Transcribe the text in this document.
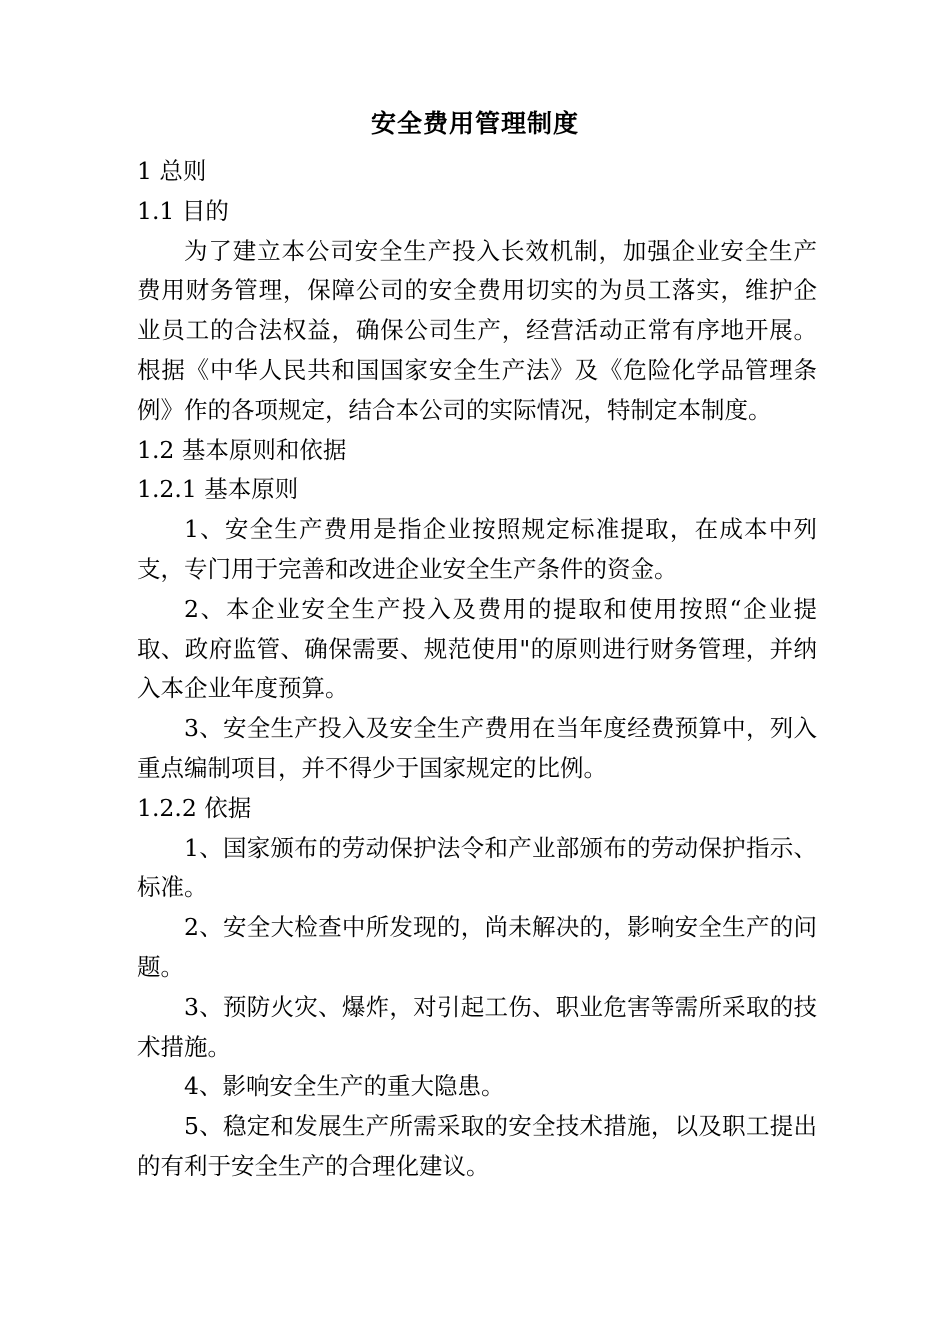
安全费用管理制度

1 总则

1.1 目的

为了建立本公司安全生产投入长效机制，加强企业安全生产费用财务管理，保障公司的安全费用切实的为员工落实，维护企业员工的合法权益，确保公司生产，经营活动正常有序地开展。根据《中华人民共和国国家安全生产法》及《危险化学品管理条例》作的各项规定，结合本公司的实际情况，特制定本制度。

1.2 基本原则和依据

1.2.1 基本原则

1、安全生产费用是指企业按照规定标准提取，在成本中列支，专门用于完善和改进企业安全生产条件的资金。

2、本企业安全生产投入及费用的提取和使用按照“企业提取、政府监管、确保需要、规范使用"的原则进行财务管理，并纳入本企业年度预算。

3、安全生产投入及安全生产费用在当年度经费预算中，列入重点编制项目，并不得少于国家规定的比例。

1.2.2 依据

1、国家颁布的劳动保护法令和产业部颁布的劳动保护指示、标准。

2、安全大检查中所发现的，尚未解决的，影响安全生产的问题。

3、预防火灾、爆炸，对引起工伤、职业危害等需所采取的技术措施。

4、影响安全生产的重大隐患。

5、稳定和发展生产所需采取的安全技术措施，以及职工提出的有利于安全生产的合理化建议。
